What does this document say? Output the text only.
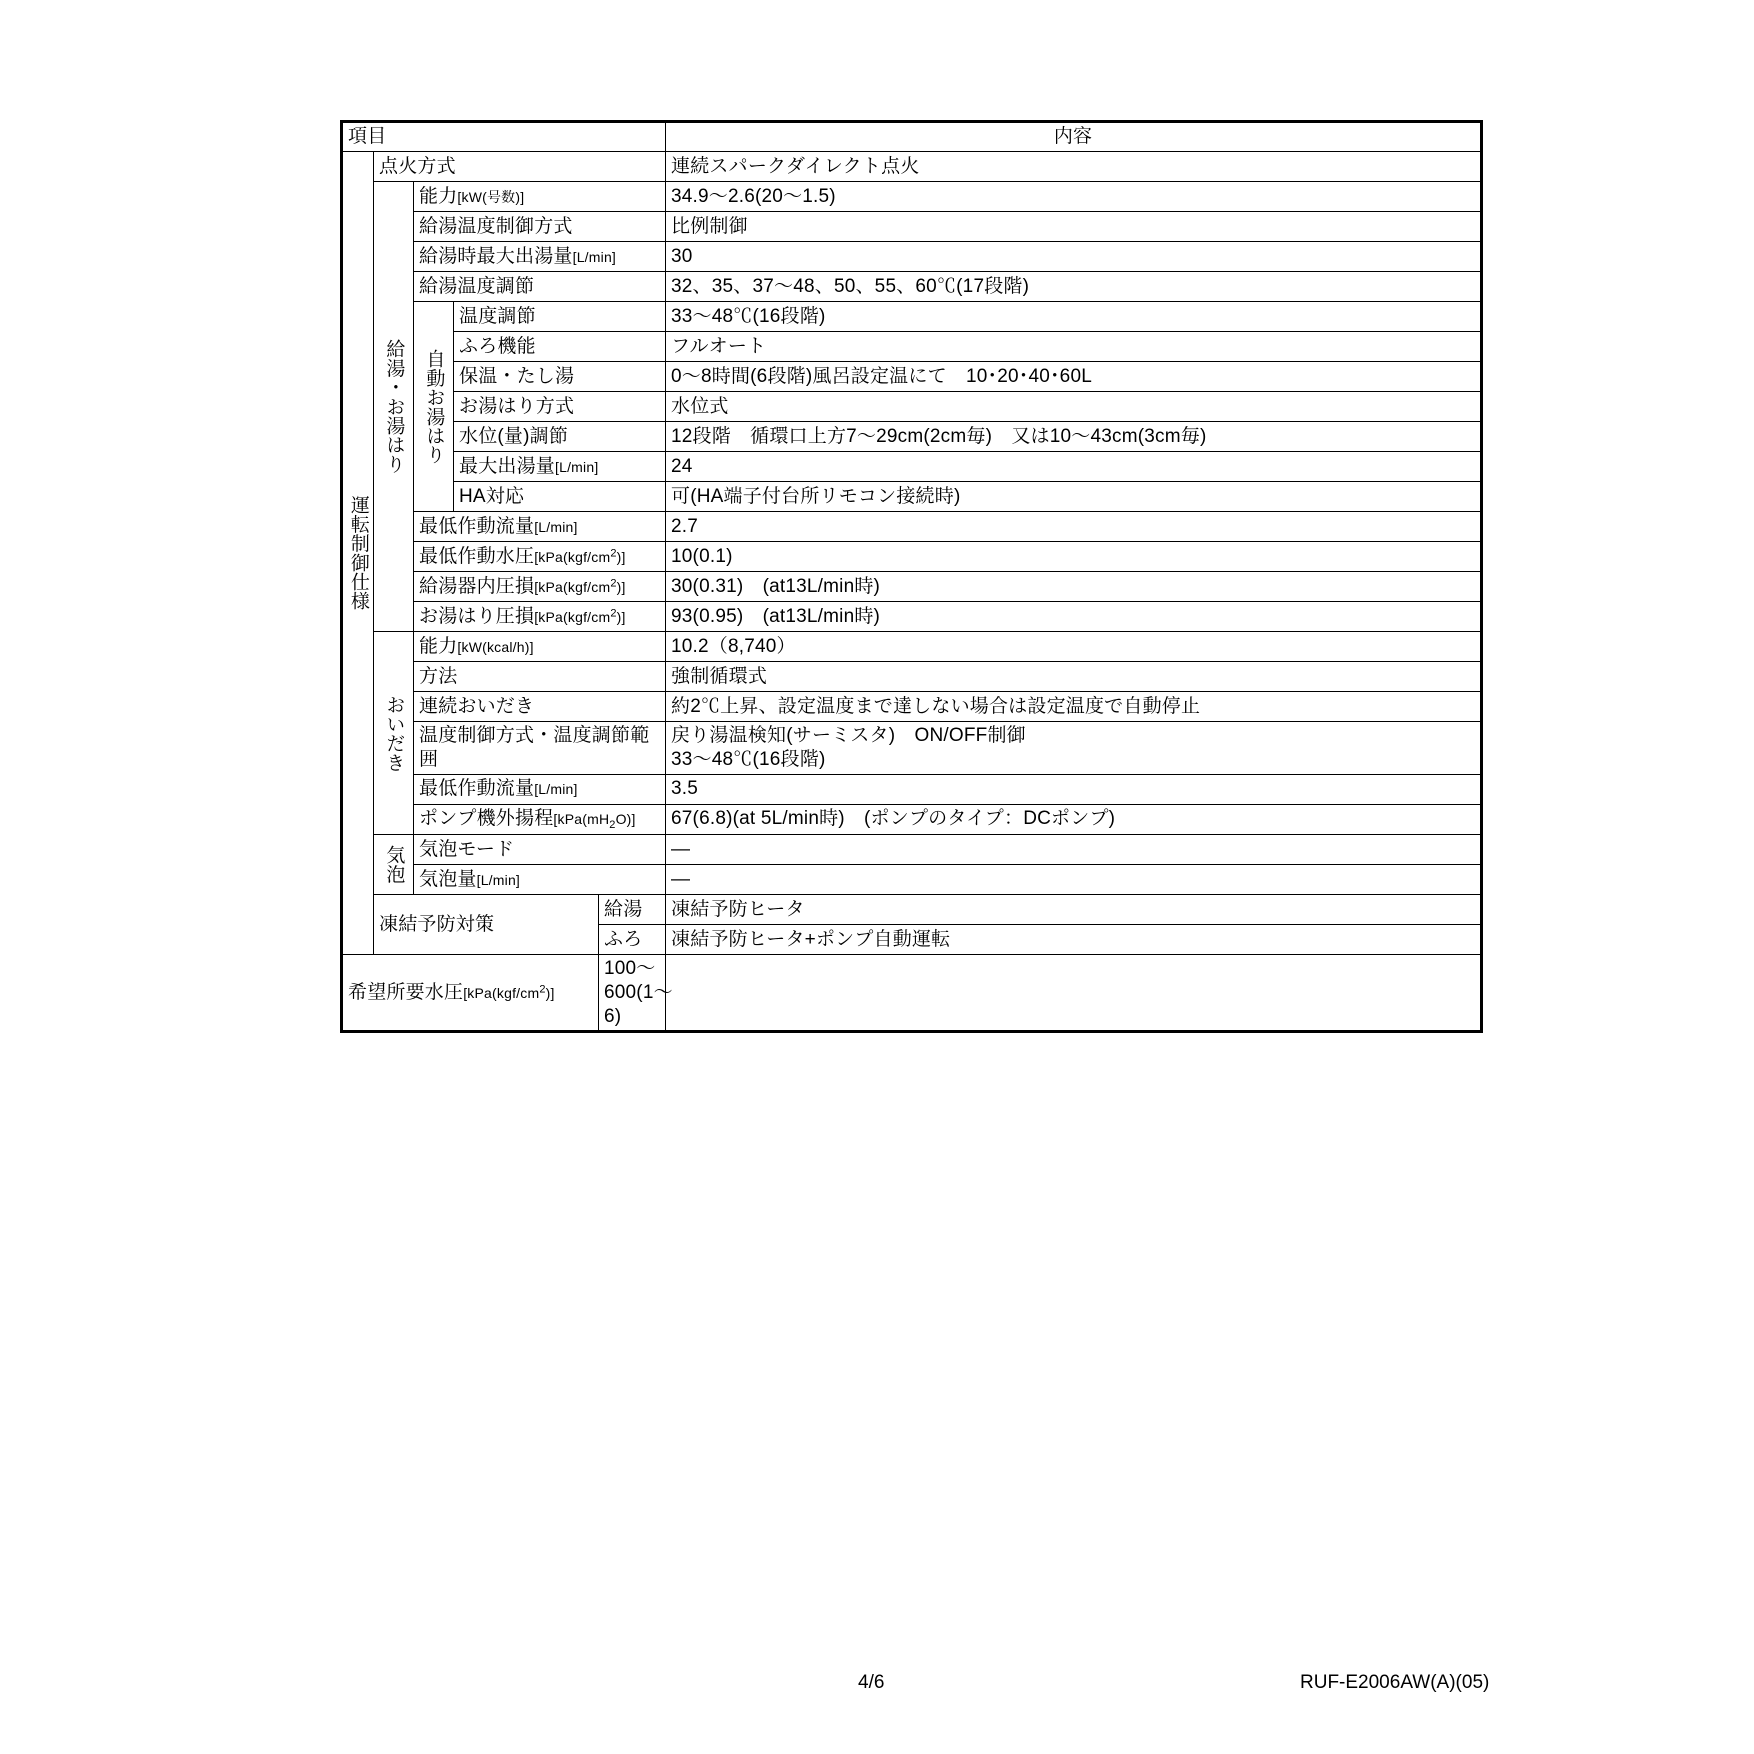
項目					内容
運転制御仕様	点火方式				連続スパークダイレクト点火
	給湯・お湯はり	能力[kW(号数)]			34.9〜2.6(20〜1.5)
		給湯温度制御方式			比例制御
		給湯時最大出湯量[L/min]			30
		給湯温度調節			32、35、37〜48、50、55、60℃(17段階)
		自動お湯はり	温度調節		33〜48℃(16段階)
			ふろ機能		フルオート
			保温・たし湯		0〜8時間(6段階)風呂設定温にて　10･20･40･60L
			お湯はり方式		水位式
			水位(量)調節		12段階　循環口上方7〜29cm(2cm毎)　又は10〜43cm(3cm毎)
			最大出湯量[L/min]		24
			HA対応		可(HA端子付台所リモコン接続時)
		最低作動流量[L/min]			2.7
		最低作動水圧$[kPa(kgf/cm^2)]$			10(0.1)
		給湯器内圧損$[kPa(kgf/cm^2)]$			30(0.31)　(at13L/min時)
		お湯はり圧損$[kPa(kgf/cm^2)]$			93(0.95)　(at13L/min時)
	おいだき	能力[kW(kcal/h)]			10.2（8,740）
		方法			強制循環式
		連続おいだき			約2℃上昇、設定温度まで達しない場合は設定温度で自動停止
		温度制御方式・温度調節範囲			戻り湯温検知(サーミスタ)　ON/OFF制御
33〜48℃(16段階)

		最低作動流量[L/min]			3.5
		ポンプ機外揚程$[kPa(mH_2O)]$			67(6.8)(at 5L/min時)　(ポンプのタイプ：DCポンプ)
	気泡	気泡モード			—
		気泡量[L/min]			—
	凍結予防対策			給湯	凍結予防ヒータ
				ふろ	凍結予防ヒータ+ポンプ自動運転
希望所要水圧$[kPa(kgf/cm^2)]$				100〜600(1〜6)	
4/6	RUF-E2006AW(A)(05)
